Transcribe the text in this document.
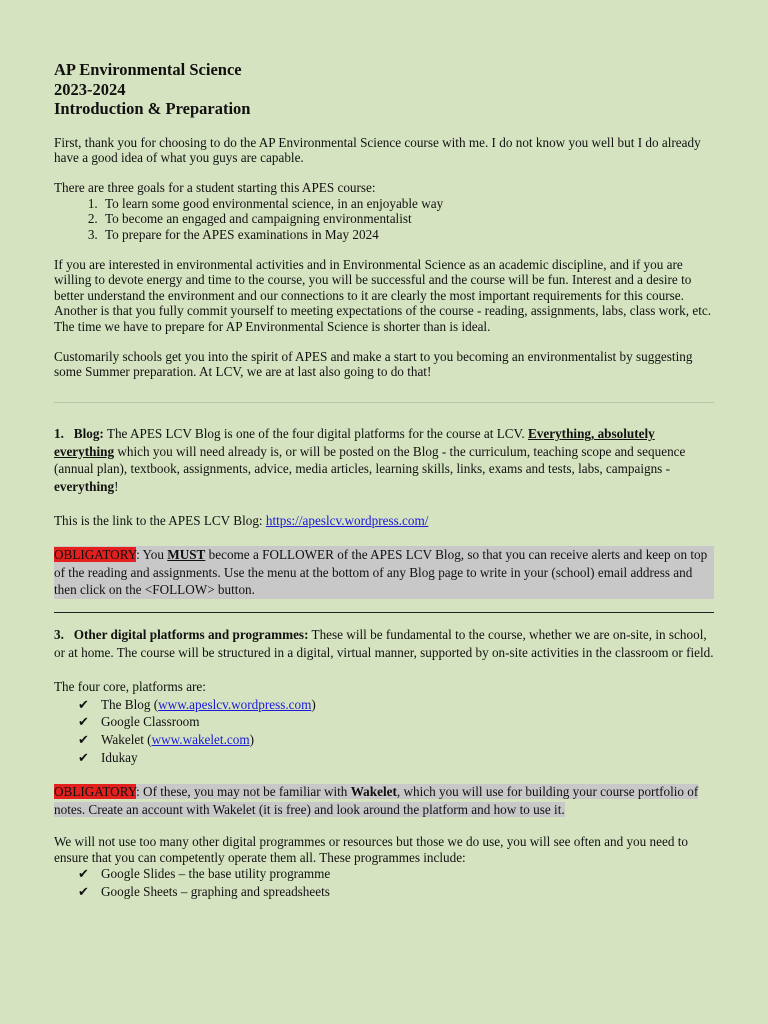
AP Environmental Science
2023-2024
Introduction & Preparation

First, thank you for choosing to do the AP Environmental Science course with me. I do not know you well but I do already have a good idea of what you guys are capable.

There are three goals for a student starting this APES course:

1. To learn some good environmental science, in an enjoyable way
2. To become an engaged and campaigning environmentalist
3. To prepare for the APES examinations in May 2024

If you are interested in environmental activities and in Environmental Science as an academic discipline, and if you are willing to devote energy and time to the course, you will be successful and the course will be fun. Interest and a desire to better understand the environment and our connections to it are clearly the most important requirements for this course. Another is that you fully commit yourself to meeting expectations of the course - reading, assignments, labs, class work, etc. The time we have to prepare for AP Environmental Science is shorter than is ideal.

Customarily schools get you into the spirit of APES and make a start to you becoming an environmentalist by suggesting some Summer preparation. At LCV, we are at last also going to do that!

1. Blog: The APES LCV Blog is one of the four digital platforms for the course at LCV. Everything, absolutely everything which you will need already is, or will be posted on the Blog - the curriculum, teaching scope and sequence (annual plan), textbook, assignments, advice, media articles, learning skills, links, exams and tests, labs, campaigns - everything!

This is the link to the APES LCV Blog: https://apeslcv.wordpress.com/

OBLIGATORY: You MUST become a FOLLOWER of the APES LCV Blog, so that you can receive alerts and keep on top of the reading and assignments. Use the menu at the bottom of any Blog page to write in your (school) email address and then click on the <FOLLOW> button.

3. Other digital platforms and programmes: These will be fundamental to the course, whether we are on-site, in school, or at home. The course will be structured in a digital, virtual manner, supported by on-site activities in the classroom or field.

The four core, platforms are:

✔ The Blog (www.apeslcv.wordpress.com)
✔ Google Classroom
✔ Wakelet (www.wakelet.com)
✔ Idukay

OBLIGATORY: Of these, you may not be familiar with Wakelet, which you will use for building your course portfolio of notes. Create an account with Wakelet (it is free) and look around the platform and how to use it.

We will not use too many other digital programmes or resources but those we do use, you will see often and you need to ensure that you can competently operate them all. These programmes include:

✔ Google Slides – the base utility programme
✔ Google Sheets – graphing and spreadsheets
